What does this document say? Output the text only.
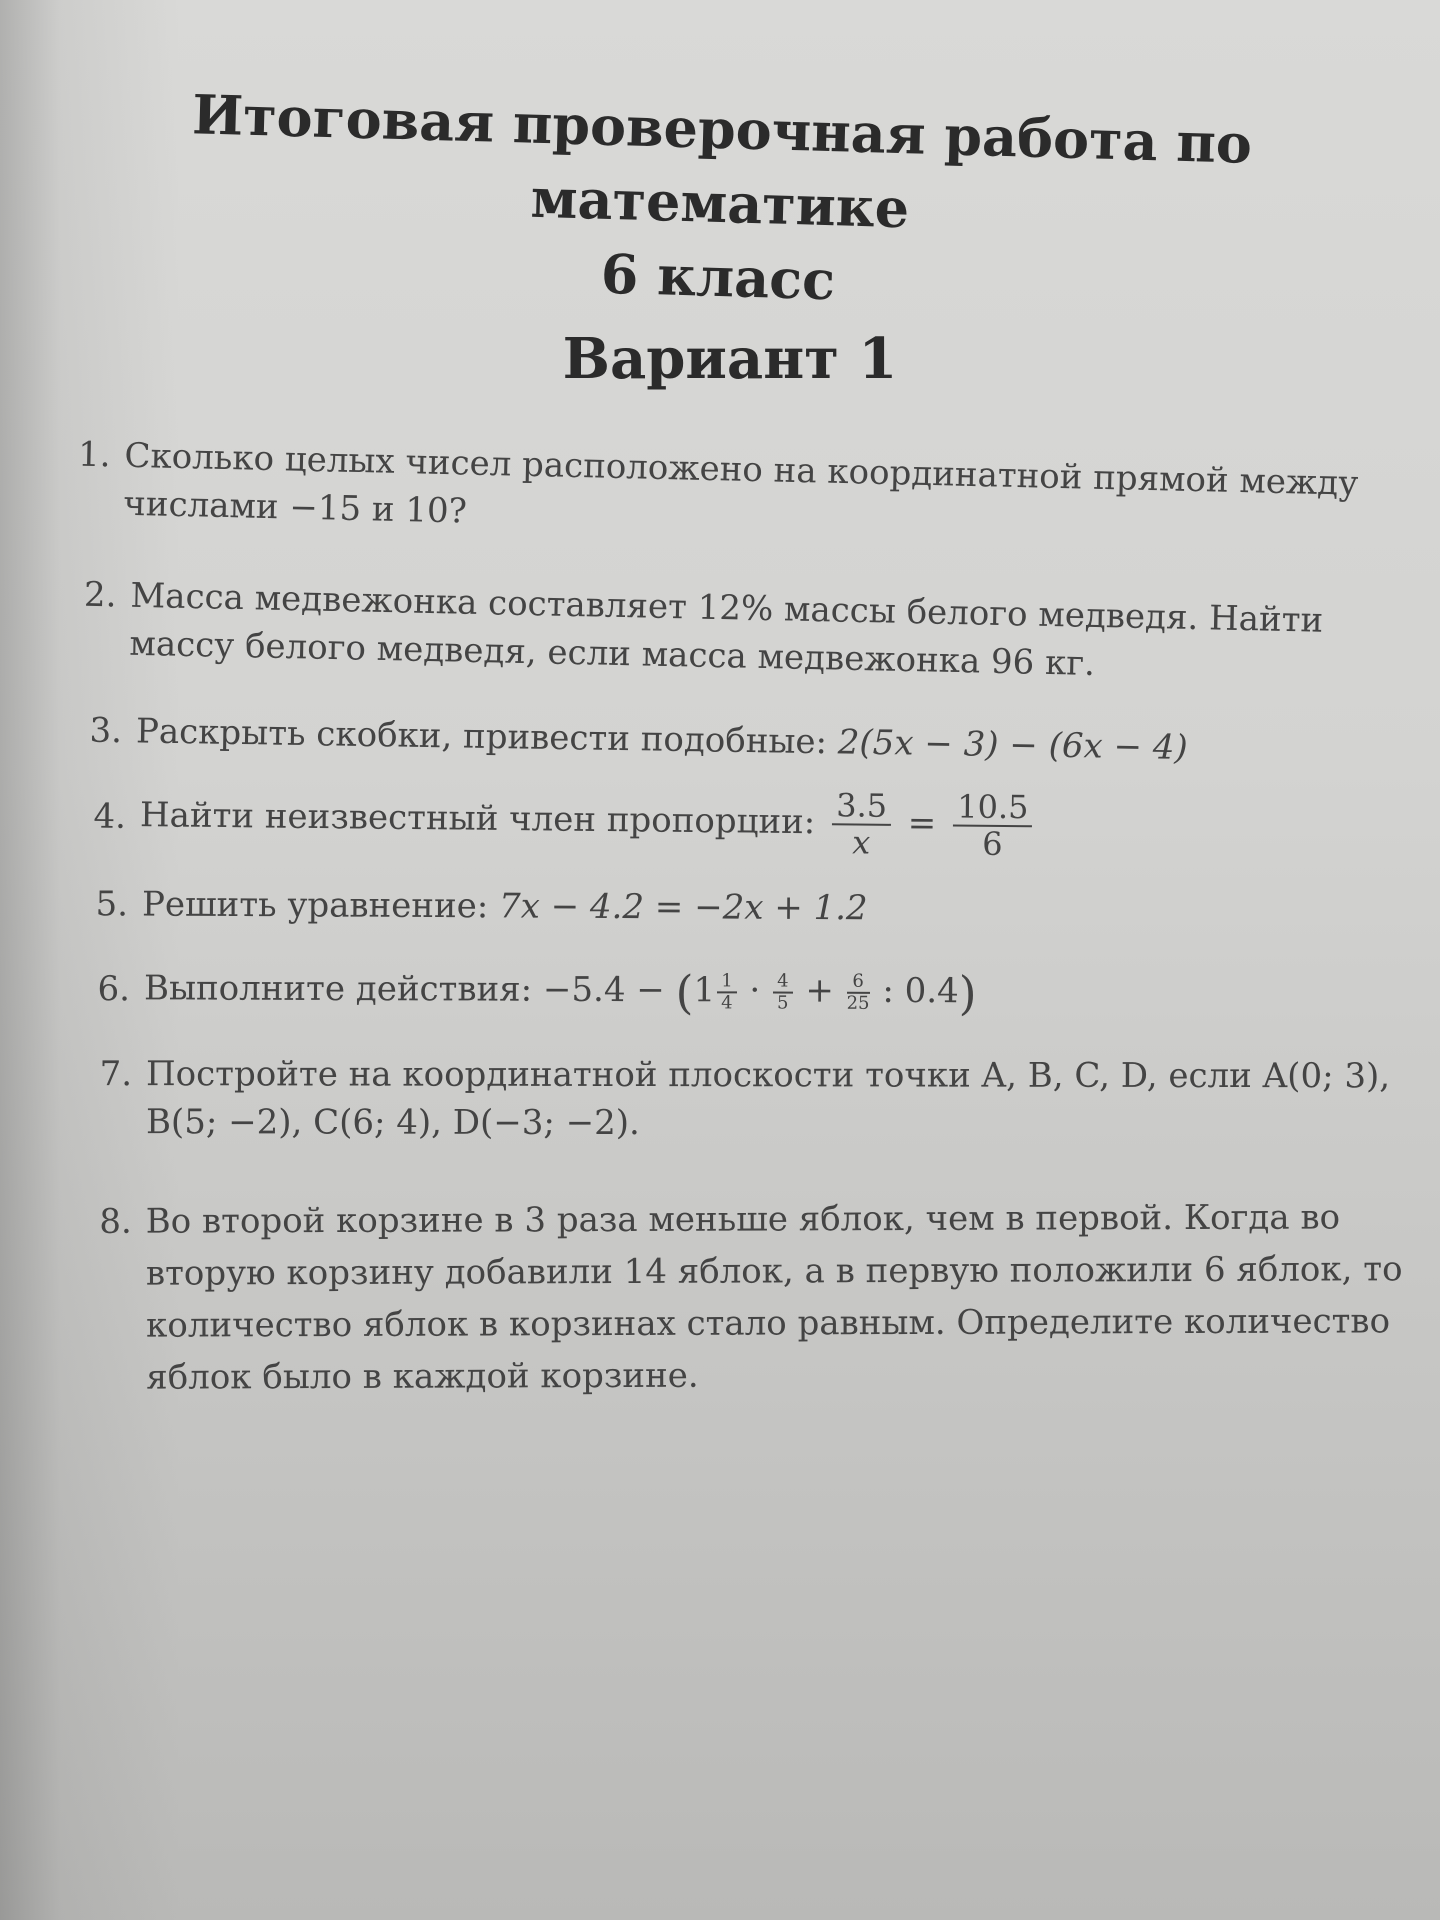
Итоговая проверочная работа по математике
6 класс
Вариант 1
1. Сколько целых чисел расположено на координатной прямой между числами −15 и 10?
2. Масса медвежонка составляет 12% массы белого медведя. Найти массу белого медведя, если масса медвежонка 96 кг.
3. Раскрыть скобки, привести подобные: 2(5x − 3) − (6x − 4)
4. Найти неизвестный член пропорции: $\frac{3.5}{x} = \frac{10.5}{6}$
5. Решить уравнение: 7x − 4.2 = −2x + 1.2
6. Выполните действия: $-5.4 - (1 \frac{1}{4} \cdot \frac{4}{5} + \frac{6}{25}$ : 0.4)
7. Постройте на координатной плоскости точки A, B, C, D, если A(0; 3), B(5; −2), C(6; 4), D(−3; −2).
8. Во второй корзине в 3 раза меньше яблок, чем в первой. Когда во вторую корзину добавили 14 яблок, а в первую положили 6 яблок, то количество яблок в корзинах стало равным. Определите количество яблок было в каждой корзине.
